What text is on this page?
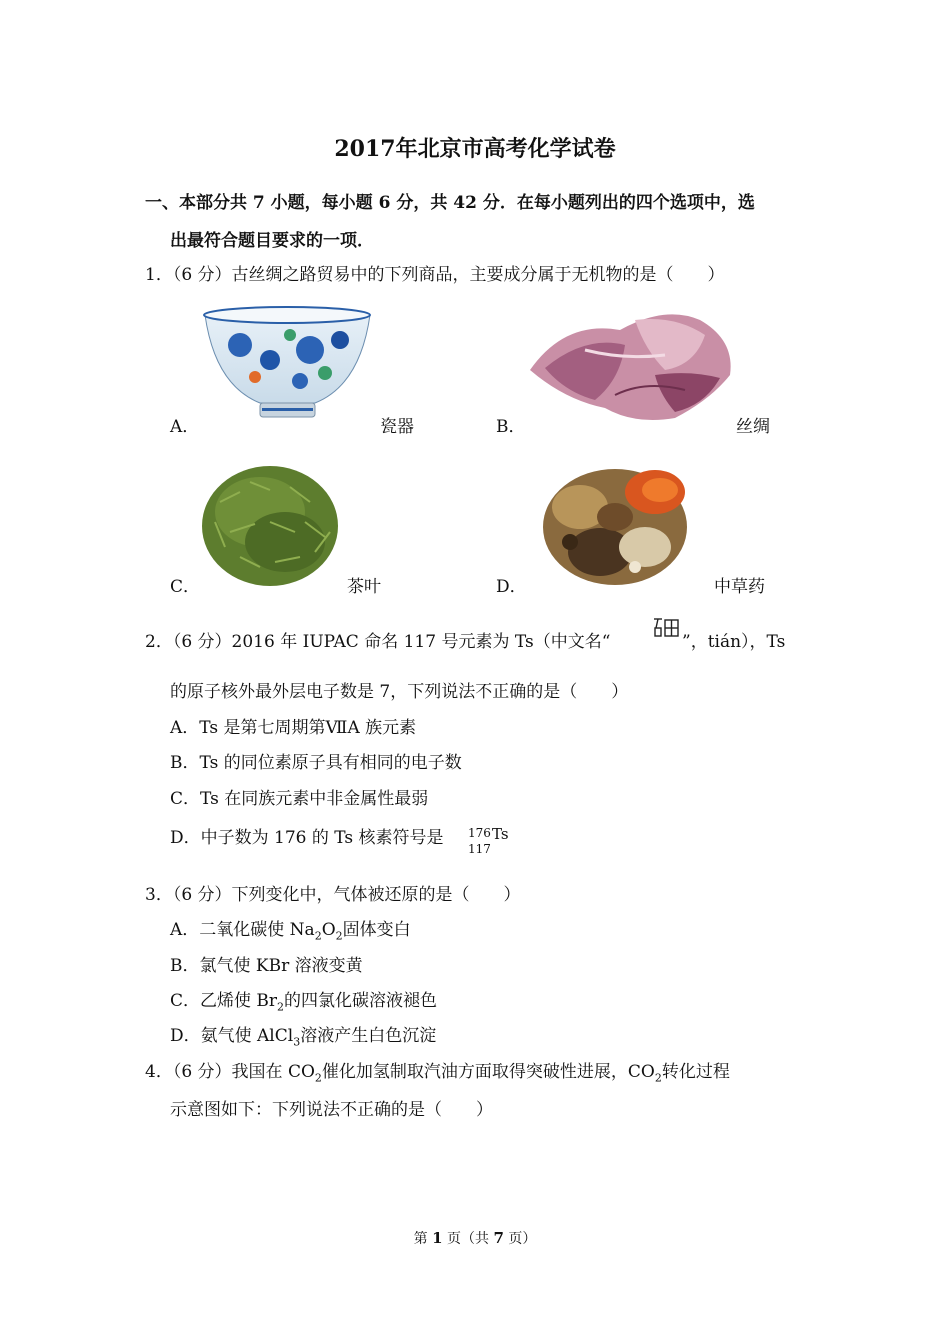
2017年北京市高考化学试卷
一、本部分共 7 小题，每小题 6 分，共 42 分．在每小题列出的四个选项中，选
出最符合题目要求的一项．
1．（6 分）古丝绸之路贸易中的下列商品，主要成分属于无机物的是（　　）
A．	瓷器	B．	丝绸
C．	茶叶	D．	中草药
2．（6 分）2016 年 IUPAC 命名 117 号元素为 Ts（中文名“	”，tián），Ts
的原子核外最外层电子数是 7，下列说法不正确的是（　　）
A．Ts 是第七周期第ⅦA 族元素
B．Ts 的同位素原子具有相同的电子数
C．Ts 在同族元素中非金属性最弱
D．中子数为 176 的 Ts 核素符号是 176 Ts
117
3．（6 分）下列变化中，气体被还原的是（　　）
A．二氧化碳使 $Na_2O_2$固体变白
B．氯气使 KBr 溶液变黄
C．乙烯使 $Br_2$的四氯化碳溶液褪色
D．氨气使 AlCl$_3$溶液产生白色沉淀
4．（6 分）我国在 $CO_2$催化加氢制取汽油方面取得突破性进展，$CO_2$转化过程
示意图如下：下列说法不正确的是（　　）
第 1 页（共 7 页）
